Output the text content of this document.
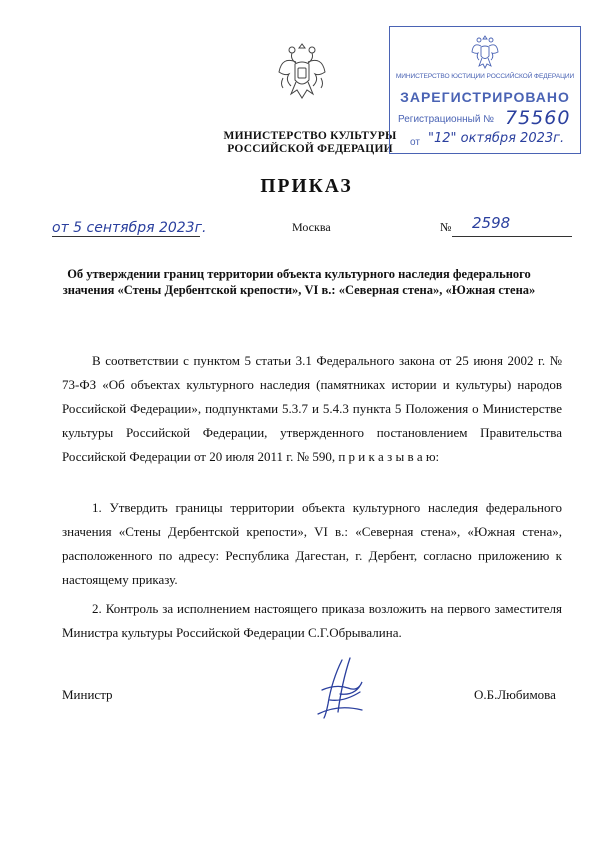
МИНИСТЕРСТВО КУЛЬТУРЫ
РОССИЙСКОЙ ФЕДЕРАЦИИ
МИНИСТЕРСТВО ЮСТИЦИИ РОССИЙСКОЙ ФЕДЕРАЦИИ
ЗАРЕГИСТРИРОВАНО
Регистрационный № 75560
от "12" октября 2023г.
ПРИКАЗ
от 5 сентября 2023г.	Москва	№ 2598
Об утверждении границ территории объекта культурного наследия федерального значения «Стены Дербентской крепости», VI в.: «Северная стена», «Южная стена»
В соответствии с пунктом 5 статьи 3.1 Федерального закона от 25 июня 2002 г. № 73-ФЗ «Об объектах культурного наследия (памятниках истории и культуры) народов Российской Федерации», подпунктами 5.3.7 и 5.4.3 пункта 5 Положения о Министерстве культуры Российской Федерации, утвержденного постановлением Правительства Российской Федерации от 20 июля 2011 г. № 590, п р и к а з ы в а ю:
1. Утвердить границы территории объекта культурного наследия федерального значения «Стены Дербентской крепости», VI в.: «Северная стена», «Южная стена», расположенного по адресу: Республика Дагестан, г. Дербент, согласно приложению к настоящему приказу.
2. Контроль за исполнением настоящего приказа возложить на первого заместителя Министра культуры Российской Федерации С.Г.Обрывалина.
Министр	О.Б.Любимова
